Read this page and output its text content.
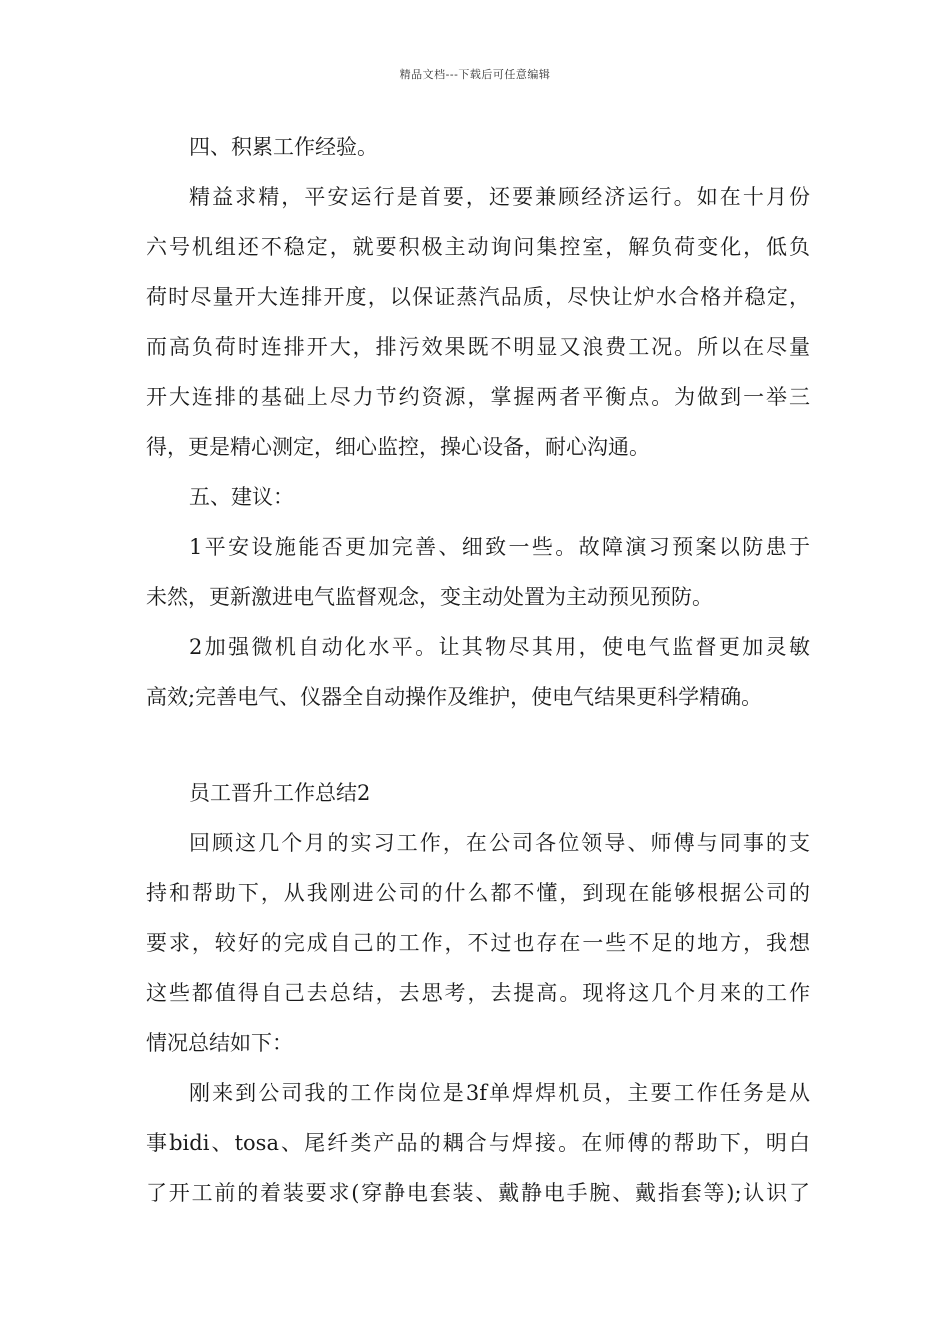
精品文档---下载后可任意编辑
四、积累工作经验。
精益求精，平安运行是首要，还要兼顾经济运行。如在十月份
六号机组还不稳定，就要积极主动询问集控室，解负荷变化，低负
荷时尽量开大连排开度，以保证蒸汽品质，尽快让炉水合格并稳定，
而高负荷时连排开大，排污效果既不明显又浪费工况。所以在尽量
开大连排的基础上尽力节约资源，掌握两者平衡点。为做到一举三
得，更是精心测定，细心监控，操心设备，耐心沟通。
五、建议：
1平安设施能否更加完善、细致一些。故障演习预案以防患于
未然，更新激进电气监督观念，变主动处置为主动预见预防。
2加强微机自动化水平。让其物尽其用，使电气监督更加灵敏
高效;完善电气、仪器全自动操作及维护，使电气结果更科学精确。
员工晋升工作总结2
回顾这几个月的实习工作，在公司各位领导、师傅与同事的支
持和帮助下，从我刚进公司的什么都不懂，到现在能够根据公司的
要求，较好的完成自己的工作，不过也存在一些不足的地方，我想
这些都值得自己去总结，去思考，去提高。现将这几个月来的工作
情况总结如下：
刚来到公司我的工作岗位是3f单焊焊机员，主要工作任务是从
事bidi、tosa、尾纤类产品的耦合与焊接。在师傅的帮助下，明白
了开工前的着装要求(穿静电套装、戴静电手腕、戴指套等);认识了
